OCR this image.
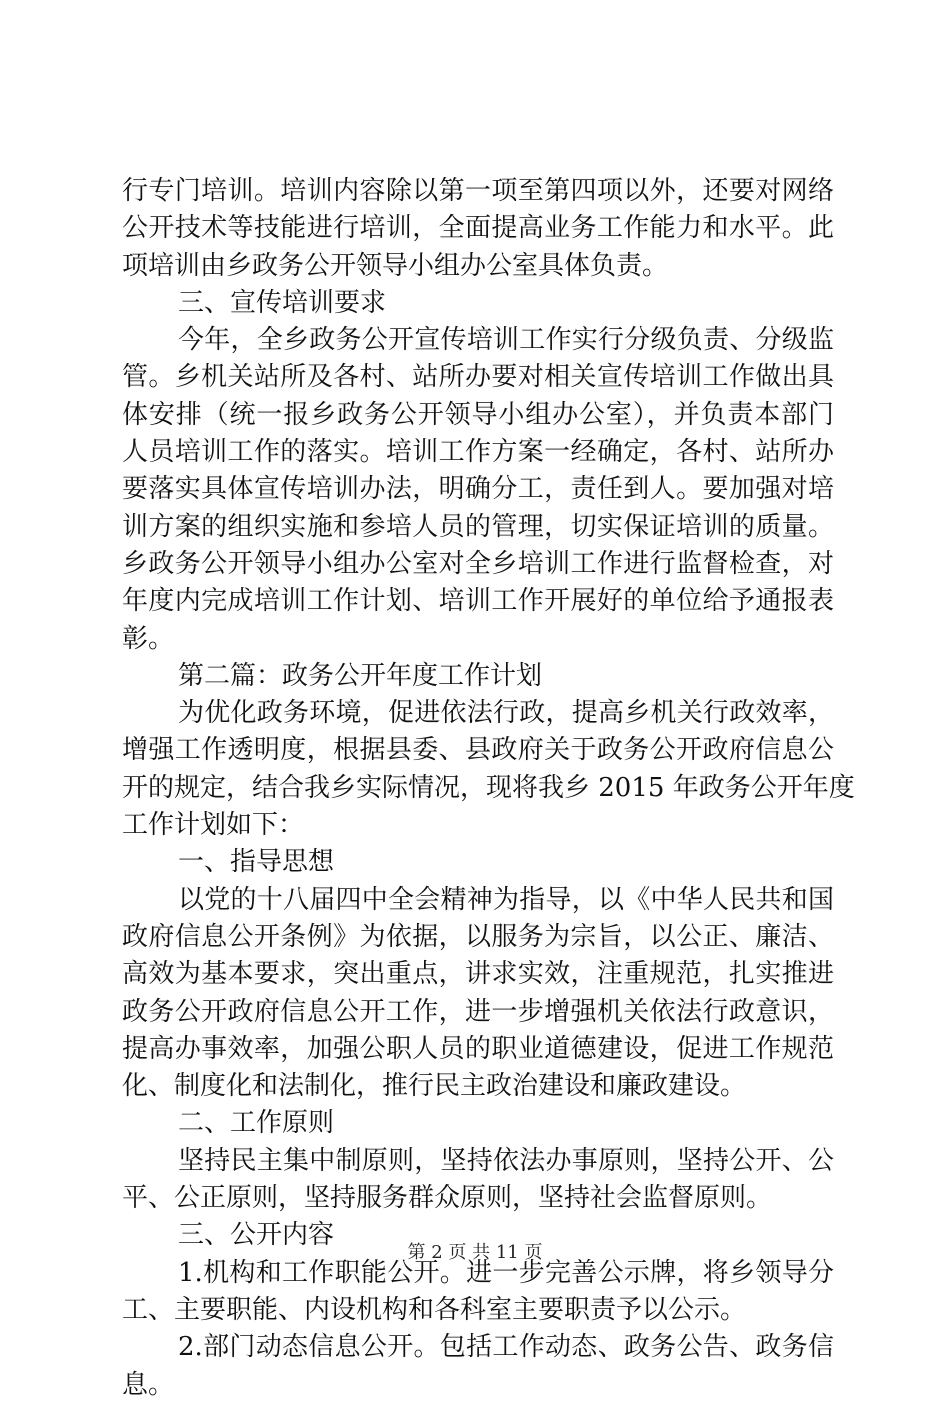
行专门培训。培训内容除以第一项至第四项以外，还要对网络
公开技术等技能进行培训，全面提高业务工作能力和水平。此
项培训由乡政务公开领导小组办公室具体负责。
三、宣传培训要求
今年，全乡政务公开宣传培训工作实行分级负责、分级监
管。乡机关站所及各村、站所办要对相关宣传培训工作做出具
体安排（统一报乡政务公开领导小组办公室），并负责本部门
人员培训工作的落实。培训工作方案一经确定，各村、站所办
要落实具体宣传培训办法，明确分工，责任到人。要加强对培
训方案的组织实施和参培人员的管理，切实保证培训的质量。
乡政务公开领导小组办公室对全乡培训工作进行监督检查，对
年度内完成培训工作计划、培训工作开展好的单位给予通报表
彰。
第二篇：政务公开年度工作计划
为优化政务环境，促进依法行政，提高乡机关行政效率，
增强工作透明度，根据县委、县政府关于政务公开政府信息公
开的规定，结合我乡实际情况，现将我乡 2015 年政务公开年度
工作计划如下：
一、指导思想
以党的十八届四中全会精神为指导，以《中华人民共和国
政府信息公开条例》为依据，以服务为宗旨，以公正、廉洁、
高效为基本要求，突出重点，讲求实效，注重规范，扎实推进
政务公开政府信息公开工作，进一步增强机关依法行政意识，
提高办事效率，加强公职人员的职业道德建设，促进工作规范
化、制度化和法制化，推行民主政治建设和廉政建设。
二、工作原则
坚持民主集中制原则，坚持依法办事原则，坚持公开、公
平、公正原则，坚持服务群众原则，坚持社会监督原则。
三、公开内容
1.机构和工作职能公开。进一步完善公示牌，将乡领导分
工、主要职能、内设机构和各科室主要职责予以公示。
2.部门动态信息公开。包括工作动态、政务公告、政务信
息。
第 2 页 共 11 页
